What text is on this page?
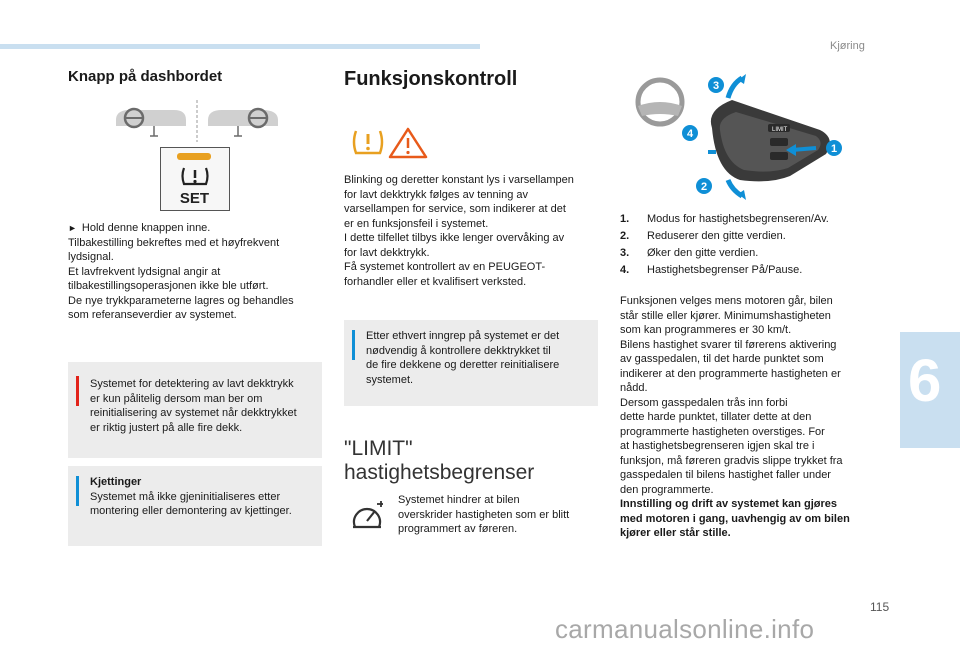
Kjøring
6
115
carmanualsonline.info
Knapp på dashbordet
SET

►  Hold denne knappen inne.

Tilbakestilling bekreftes med et høyfrekvent

lydsignal.

Et lavfrekvent lydsignal angir at

tilbakestillingsoperasjonen ikke ble utført.

De nye trykkparameterne lagres og behandles

som referanseverdier av systemet.

Systemet for detektering av lavt dekktrykk

er kun pålitelig dersom man ber om

reinitialisering av systemet når dekktrykket

er riktig justert på alle fire dekk.

Kjettinger

Systemet må ikke gjeninitialiseres etter

montering eller demontering av kjettinger.

Funksjonskontroll

Blinking og deretter konstant lys i varsellampen

for lavt dekktrykk følges av tenning av

varsellampen for service, som indikerer at det

er en funksjonsfeil i systemet.

I dette tilfellet tilbys ikke lenger overvåking av

for lavt dekktrykk.

Få systemet kontrollert av en PEUGEOT-

forhandler eller et kvalifisert verksted.

Etter ethvert inngrep på systemet er det

nødvendig å kontrollere dekktrykket til

de fire dekkene og deretter reinitialisere

systemet.

"LIMIT"
hastighetsbegrenser

Systemet hindrer at bilen

overskrider hastigheten som er blitt

programmert av føreren.

LIMIT
3
4
1
2
1. Modus for hastighetsbegrenseren/Av.
2. Reduserer den gitte verdien.
3. Øker den gitte verdien.
4. Hastighetsbegrenser På/Pause.

Funksjonen velges mens motoren går, bilen

står stille eller kjører. Minimumshastigheten

som kan programmeres er 30 km/t.

Bilens hastighet svarer til førerens aktivering

av gasspedalen, til det harde punktet som

indikerer at den programmerte hastigheten er

nådd.

Dersom gasspedalen tr​ås inn forbi

dette harde punktet, tillater dette at den

programmerte hastigheten overstiges. For

at hastighetsbegrenseren igjen skal tre i

funksjon, må føreren gradvis slippe trykket fra

gasspedalen til bilens hastighet faller under

den programmerte.

Innstilling og drift av systemet kan gjøres

med motoren i gang, uavhengig av om bilen

kjører eller står stille.
